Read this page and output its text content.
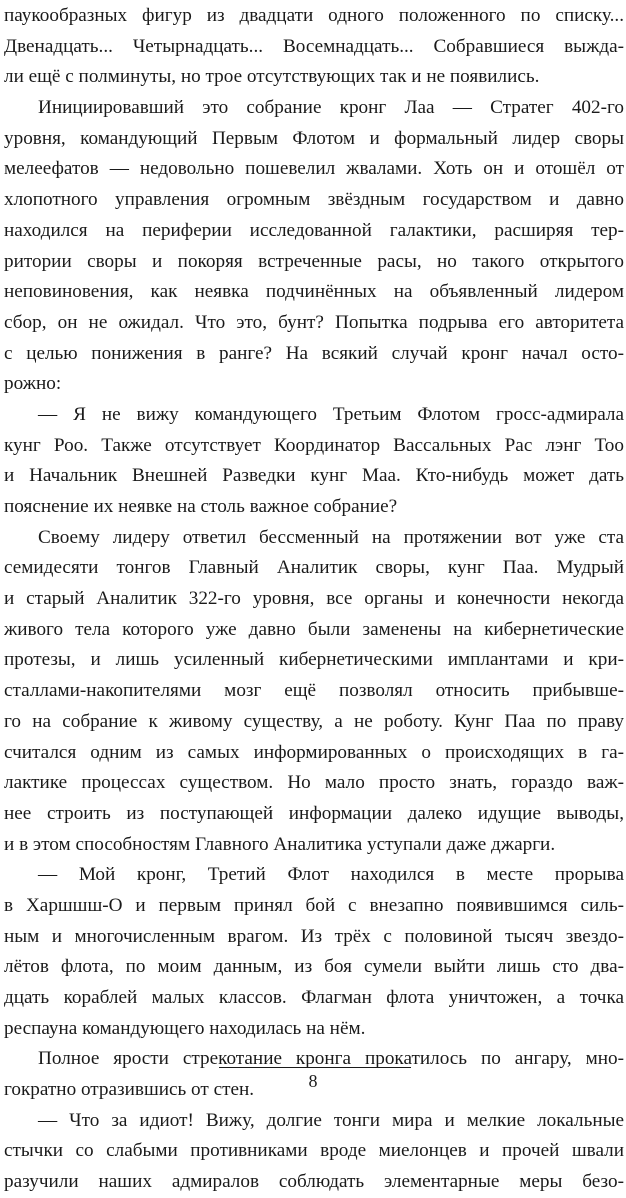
паукообразных фигур из двадцати одного положенного по списку...
Двенадцать... Четырнадцать... Восемнадцать... Собравшиеся выжда-
ли ещё с полминуты, но трое отсутствующих так и не появились.
Инициировавший это собрание кронг Лаа — Стратег 402-го
уровня, командующий Первым Флотом и формальный лидер своры
мелеефатов — недовольно пошевелил жвалами. Хоть он и отошёл от
хлопотного управления огромным звёздным государством и давно
находился на периферии исследованной галактики, расширяя тер-
ритории своры и покоряя встреченные расы, но такого открытого
неповиновения, как неявка подчинённых на объявленный лидером
сбор, он не ожидал. Что это, бунт? Попытка подрыва его авторитета
с целью понижения в ранге? На всякий случай кронг начал осто-
рожно:
— Я не вижу командующего Третьим Флотом гросс-адмирала
кунг Роо. Также отсутствует Координатор Вассальных Рас лэнг Тоо
и Начальник Внешней Разведки кунг Маа. Кто-нибудь может дать
пояснение их неявке на столь важное собрание?
Своему лидеру ответил бессменный на протяжении вот уже ста
семидесяти тонгов Главный Аналитик своры, кунг Паа. Мудрый
и старый Аналитик 322-го уровня, все органы и конечности некогда
живого тела которого уже давно были заменены на кибернетические
протезы, и лишь усиленный кибернетическими имплантами и кри-
сталлами-накопителями мозг ещё позволял относить прибывше-
го на собрание к живому существу, а не роботу. Кунг Паа по праву
считался одним из самых информированных о происходящих в га-
лактике процессах существом. Но мало просто знать, гораздо важ-
нее строить из поступающей информации далеко идущие выводы,
и в этом способностям Главного Аналитика уступали даже джарги.
— Мой кронг, Третий Флот находился в месте прорыва
в Харшшш-О и первым принял бой с внезапно появившимся силь-
ным и многочисленным врагом. Из трёх с половиной тысяч звездо-
лётов флота, по моим данным, из боя сумели выйти лишь сто два-
дцать кораблей малых классов. Флагман флота уничтожен, а точка
респауна командующего находилась на нём.
Полное ярости стрекотание кронга прокатилось по ангару, мно-
гократно отразившись от стен.
— Что за идиот! Вижу, долгие тонги мира и мелкие локальные
стычки со слабыми противниками вроде миелонцев и прочей швали
разучили наших адмиралов соблюдать элементарные меры безо-
8
